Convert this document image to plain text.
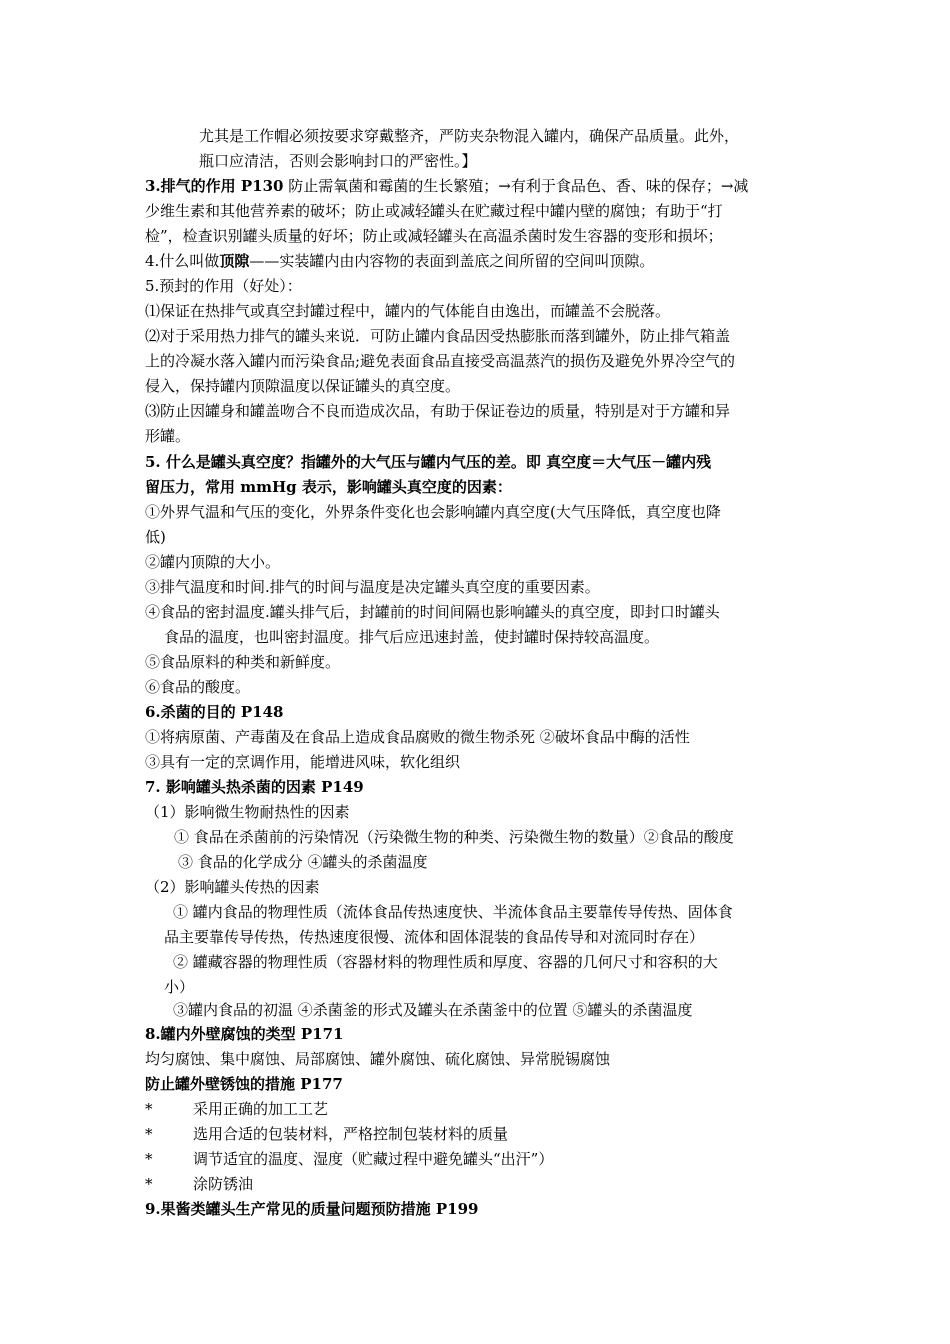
尤其是工作帽必须按要求穿戴整齐，严防夹杂物混入罐内，确保产品质量。此外，
瓶口应清洁，否则会影响封口的严密性。】
3.排气的作用 P130 防止需氧菌和霉菌的生长繁殖；→有利于食品色、香、味的保存；→减
少维生素和其他营养素的破坏；防止或减轻罐头在贮藏过程中罐内壁的腐蚀；有助于“打
检”，检查识别罐头质量的好坏；防止或减轻罐头在高温杀菌时发生容器的变形和损坏；
4.什么叫做顶隙——实装罐内由内容物的表面到盖底之间所留的空间叫顶隙。
5.预封的作用（好处）：
⑴保证在热排气或真空封罐过程中，罐内的气体能自由逸出，而罐盖不会脱落。
⑵对于采用热力排气的罐头来说．可防止罐内食品因受热膨胀而落到罐外，防止排气箱盖
上的冷凝水落入罐内而污染食品;避免表面食品直接受高温蒸汽的损伤及避免外界冷空气的
侵入，保持罐内顶隙温度以保证罐头的真空度。
⑶防止因罐身和罐盖吻合不良而造成次品，有助于保证卷边的质量，特别是对于方罐和异
形罐。
5. 什么是罐头真空度？指罐外的大气压与罐内气压的差。即 真空度＝大气压－罐内残
留压力，常用 mmHg 表示，影响罐头真空度的因素：
①外界气温和气压的变化，外界条件变化也会影响罐内真空度(大气压降低，真空度也降
低)
②罐内顶隙的大小。
③排气温度和时间.排气的时间与温度是决定罐头真空度的重要因素。
④食品的密封温度.罐头排气后，封罐前的时间间隔也影响罐头的真空度，即封口时罐头
食品的温度，也叫密封温度。排气后应迅速封盖，使封罐时保持较高温度。
⑤食品原料的种类和新鲜度。
⑥食品的酸度。
6.杀菌的目的 P148
①将病原菌、产毒菌及在食品上造成食品腐败的微生物杀死 ②破坏食品中酶的活性
③具有一定的烹调作用，能增进风味，软化组织
7. 影响罐头热杀菌的因素 P149
（1）影响微生物耐热性的因素
① 食品在杀菌前的污染情况（污染微生物的种类、污染微生物的数量）②食品的酸度
③ 食品的化学成分 ④罐头的杀菌温度
（2）影响罐头传热的因素
① 罐内食品的物理性质（流体食品传热速度快、半流体食品主要靠传导传热、固体食
品主要靠传导传热，传热速度很慢、流体和固体混装的食品传导和对流同时存在）
② 罐藏容器的物理性质（容器材料的物理性质和厚度、容器的几何尺寸和容积的大
小）
③罐内食品的初温 ④杀菌釜的形式及罐头在杀菌釜中的位置 ⑤罐头的杀菌温度
8.罐内外壁腐蚀的类型 P171
均匀腐蚀、集中腐蚀、局部腐蚀、罐外腐蚀、硫化腐蚀、异常脱锡腐蚀
防止罐外壁锈蚀的措施 P177
*	采用正确的加工工艺
*	选用合适的包装材料，严格控制包装材料的质量
*	调节适宜的温度、湿度（贮藏过程中避免罐头“出汗”）
*	涂防锈油
9.果酱类罐头生产常见的质量问题预防措施 P199
